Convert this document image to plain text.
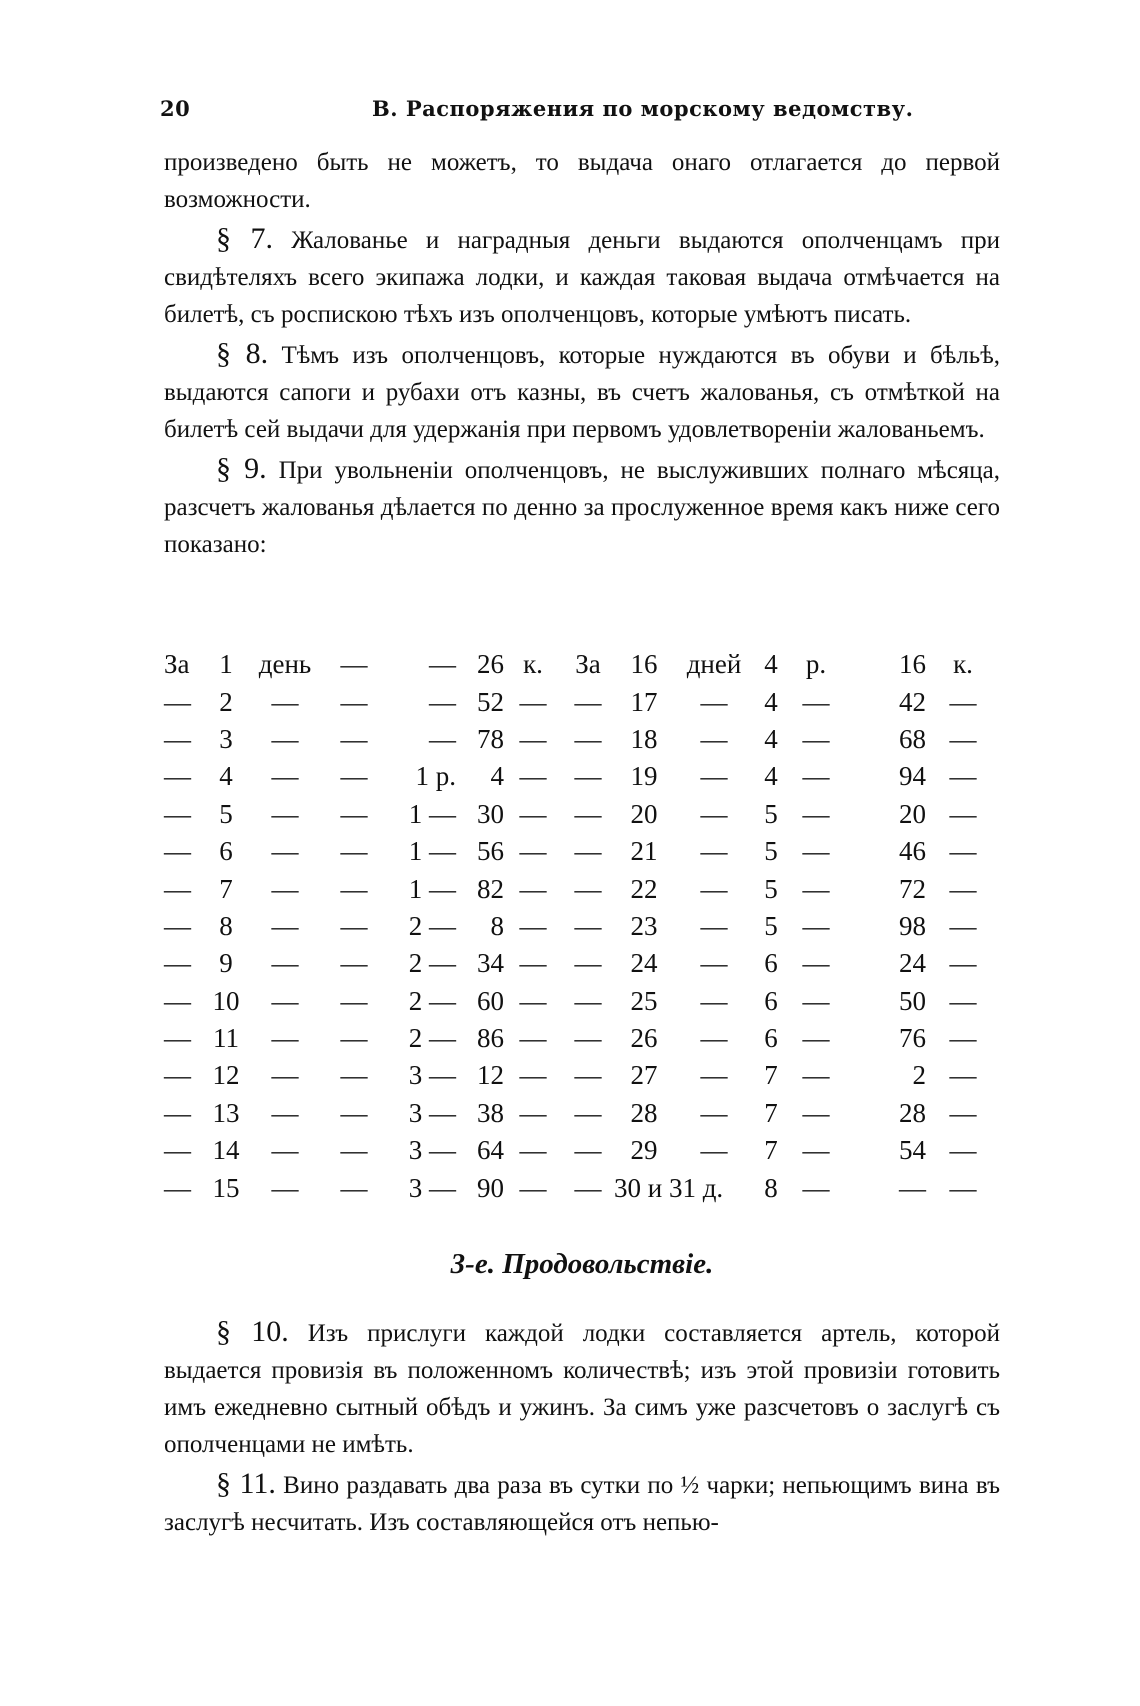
20	В. Распоряжения по морскому ведомству.

произведено быть не можетъ, то выдача онаго отлагается до первой возможности.

§ 7. Жалованье и наградныя деньги выдаются ополченцамъ при свидѣтеляхъ всего экипажа лодки, и каждая таковая выдача отмѣчается на билетѣ, съ роспискою тѣхъ изъ ополченцовъ, которые умѣютъ писать.

§ 8. Тѣмъ изъ ополченцовъ, которые нуждаются въ обуви и бѣльѣ, выдаются сапоги и рубахи отъ казны, въ счетъ жалованья, съ отмѣткой на билетѣ сей выдачи для удержанія при первомъ удовлетвореніи жалованьемъ.

§ 9. При увольненіи ополченцовъ, не выслуживших полнаго мѣсяца, разсчетъ жалованья дѣлается по денно за прослуженное время какъ ниже сего показано:

За	1	день	—	—	26	к.	За	16	дней	4	р.	16	к.
—	2	—	—	—	52	—	—	17	—	4	—	42	—
—	3	—	—	—	78	—	—	18	—	4	—	68	—
—	4	—	—	1 р.	4	—	—	19	—	4	—	94	—
—	5	—	—	1 —	30	—	—	20	—	5	—	20	—
—	6	—	—	1 —	56	—	—	21	—	5	—	46	—
—	7	—	—	1 —	82	—	—	22	—	5	—	72	—
—	8	—	—	2 —	8	—	—	23	—	5	—	98	—
—	9	—	—	2 —	34	—	—	24	—	6	—	24	—
—	10	—	—	2 —	60	—	—	25	—	6	—	50	—
—	11	—	—	2 —	86	—	—	26	—	6	—	76	—
—	12	—	—	3 —	12	—	—	27	—	7	—	2	—
—	13	—	—	3 —	38	—	—	28	—	7	—	28	—
—	14	—	—	3 —	64	—	—	29	—	7	—	54	—
—	15	—	—	3 —	90	—	—	30 и 31 д.		8	—	—	—
3-е. Продовольствіе.

§ 10. Изъ прислуги каждой лодки составляется артель, которой выдается провизія въ положенномъ количествѣ; изъ этой провизіи готовить имъ ежедневно сытный обѣдъ и ужинъ. За симъ уже разсчетовъ о заслугѣ съ ополченцами не имѣть.

§ 11. Вино раздавать два раза въ сутки по ½ чарки; непьющимъ вина въ заслугѣ несчитать. Изъ составляющейся отъ непью-
